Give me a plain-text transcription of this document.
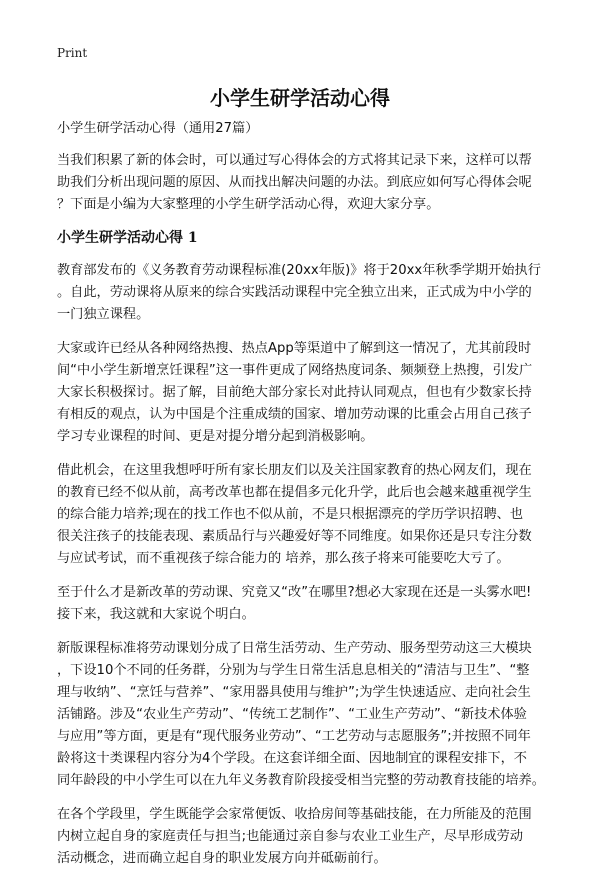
Print
小学生研学活动心得

小学生研学活动心得（通用27篇）

当我们积累了新的体会时，可以通过写心得体会的方式将其记录下来，这样可以帮
助我们分析出现问题的原因、从而找出解决问题的办法。到底应如何写心得体会呢
？下面是小编为大家整理的小学生研学活动心得，欢迎大家分享。

小学生研学活动心得 1

教育部发布的《义务教育劳动课程标准(20xx年版)》将于20xx年秋季学期开始执行
。自此，劳动课将从原来的综合实践活动课程中完全独立出来，正式成为中小学的
一门独立课程。

大家或许已经从各种网络热搜、热点App等渠道中了解到这一情况了，尤其前段时
间“中小学生新增烹饪课程”这一事件更成了网络热度词条、频频登上热搜，引发广
大家长积极探讨。据了解，目前绝大部分家长对此持认同观点，但也有少数家长持
有相反的观点，认为中国是个注重成绩的国家、增加劳动课的比重会占用自己孩子
学习专业课程的时间、更是对提分增分起到消极影响。

借此机会，在这里我想呼吁所有家长朋友们以及关注国家教育的热心网友们，现在
的教育已经不似从前，高考改革也都在提倡多元化升学，此后也会越来越重视学生
的综合能力培养;现在的找工作也不似从前，不是只根据漂亮的学历学识招聘、也
很关注孩子的技能表现、素质品行与兴趣爱好等不同维度。如果你还是只专注分数
与应试考试，而不重视孩子综合能力的 培养，那么孩子将来可能要吃大亏了。

至于什么才是新改革的劳动课、究竟又“改”在哪里?想必大家现在还是一头雾水吧!
接下来，我这就和大家说个明白。

新版课程标准将劳动课划分成了日常生活劳动、生产劳动、服务型劳动这三大模块
，下设10个不同的任务群，分别为与学生日常生活息息相关的“清洁与卫生”、“整
理与收纳”、“烹饪与营养”、“家用器具使用与维护”;为学生快速适应、走向社会生
活铺路。涉及“农业生产劳动”、“传统工艺制作”、“工业生产劳动”、“新技术体验
与应用”等方面，更是有“现代服务业劳动”、“工艺劳动与志愿服务”;并按照不同年
龄将这十类课程内容分为4个学段。在这套详细全面、因地制宜的课程安排下，不
同年龄段的中小学生可以在九年义务教育阶段接受相当完整的劳动教育技能的培养。

在各个学段里，学生既能学会家常便饭、收拾房间等基础技能，在力所能及的范围
内树立起自身的家庭责任与担当;也能通过亲自参与农业工业生产，尽早形成劳动
活动概念，进而确立起自身的职业发展方向并砥砺前行。
